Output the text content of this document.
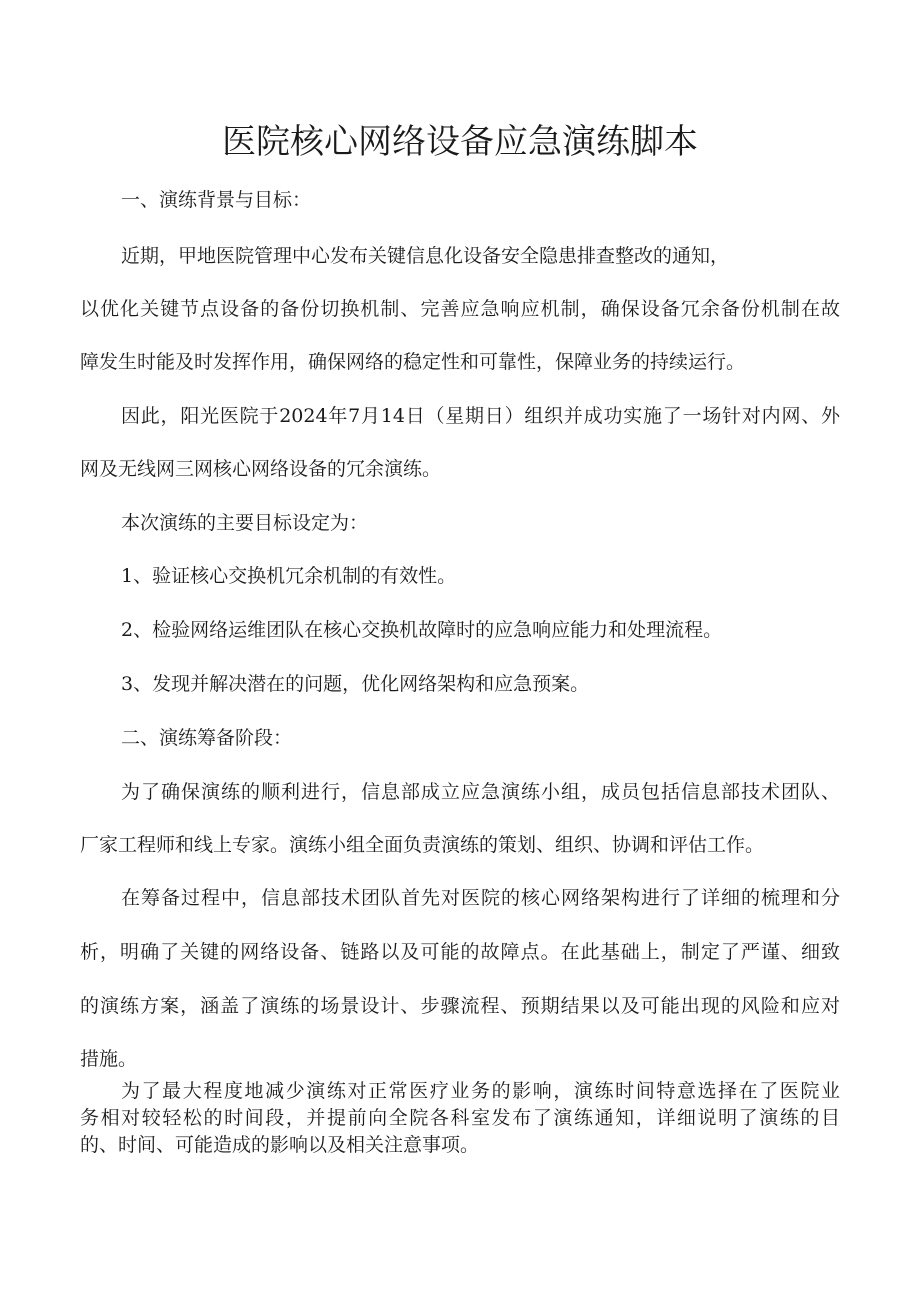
医院核心网络设备应急演练脚本

一、演练背景与目标：

近期，甲地医院管理中心发布关键信息化设备安全隐患排查整改的通知，

以优化关键节点设备的备份切换机制、完善应急响应机制，确保设备冗余备份机制在故

障发生时能及时发挥作用，确保网络的稳定性和可靠性，保障业务的持续运行。

因此，阳光医院于2024年7月14日（星期日）组织并成功实施了一场针对内网、外

网及无线网三网核心网络设备的冗余演练。

本次演练的主要目标设定为：

1、验证核心交换机冗余机制的有效性。

2、检验网络运维团队在核心交换机故障时的应急响应能力和处理流程。

3、发现并解决潜在的问题，优化网络架构和应急预案。

二、演练筹备阶段：

为了确保演练的顺利进行，信息部成立应急演练小组，成员包括信息部技术团队、

厂家工程师和线上专家。演练小组全面负责演练的策划、组织、协调和评估工作。

在筹备过程中，信息部技术团队首先对医院的核心网络架构进行了详细的梳理和分

析，明确了关键的网络设备、链路以及可能的故障点。在此基础上，制定了严谨、细致

的演练方案，涵盖了演练的场景设计、步骤流程、预期结果以及可能出现的风险和应对

措施。

为了最大程度地减少演练对正常医疗业务的影响，演练时间特意选择在了医院业

务相对较轻松的时间段，并提前向全院各科室发布了演练通知，详细说明了演练的目

的、时间、可能造成的影响以及相关注意事项。
